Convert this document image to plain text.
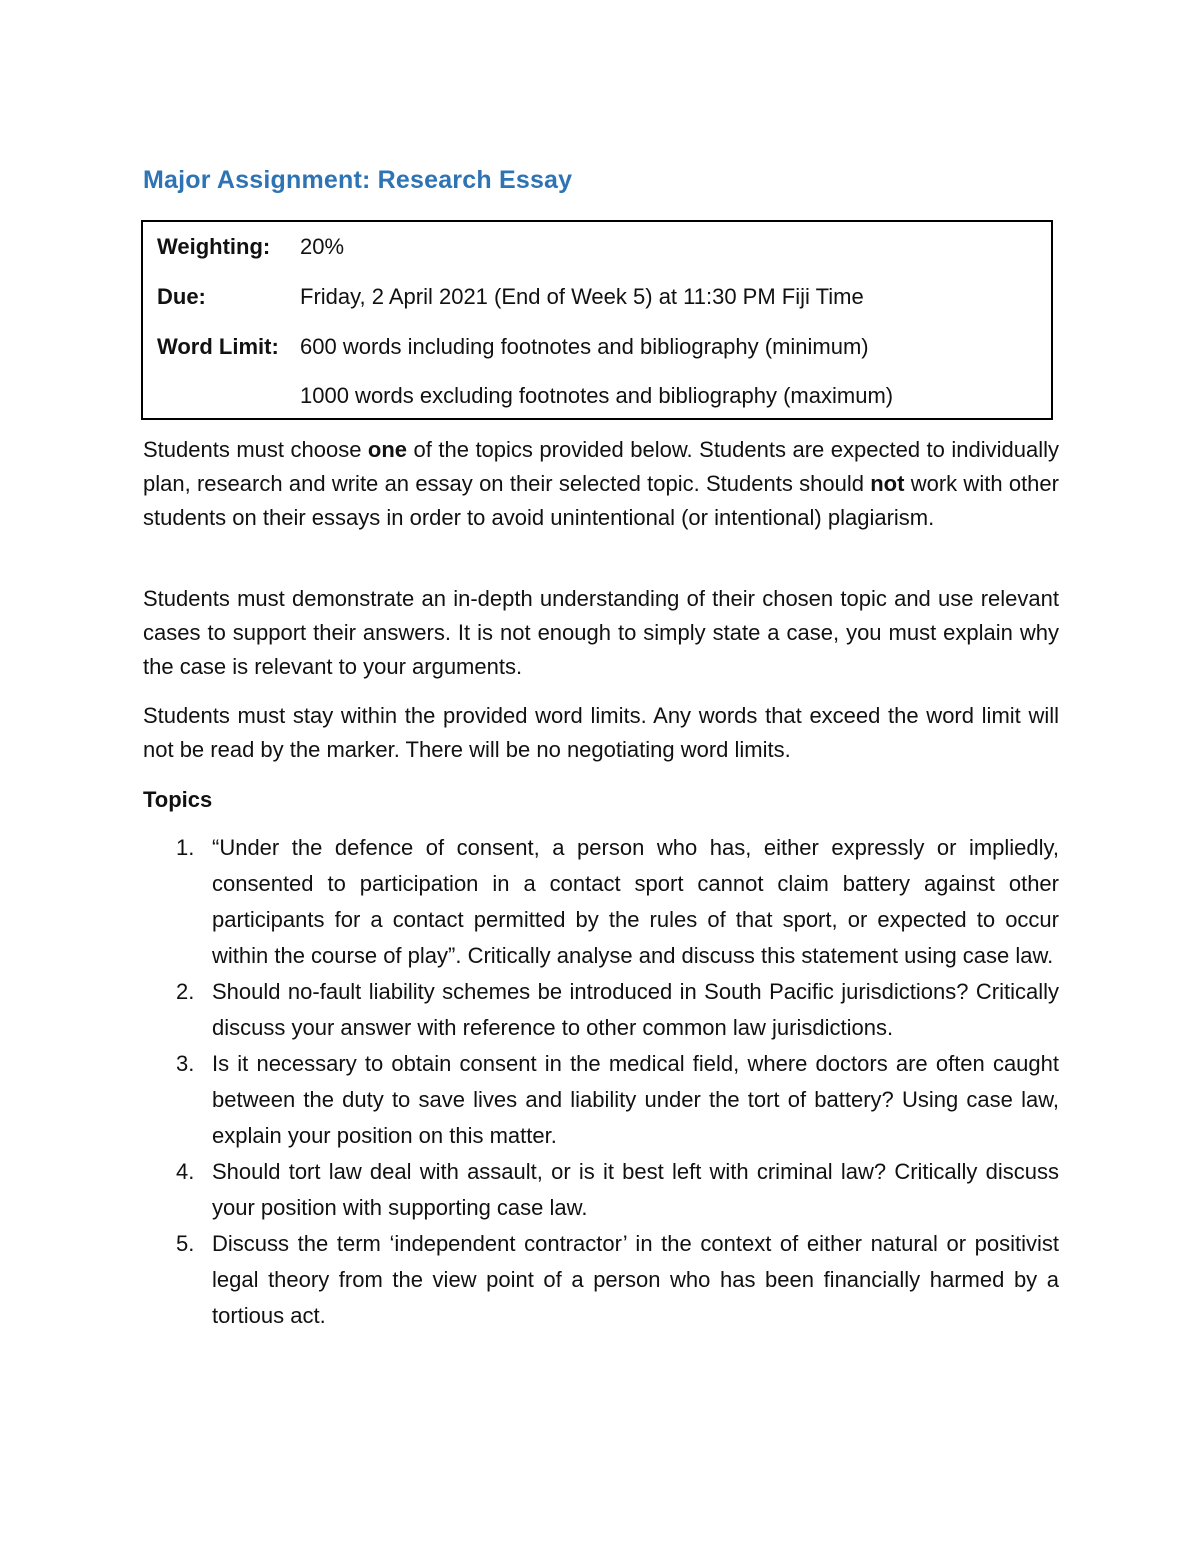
Major Assignment: Research Essay
Weighting: 20%
Due:	Friday, 2 April 2021 (End of Week 5) at 11:30 PM Fiji Time
Word Limit: 600 words including footnotes and bibliography (minimum)
1000 words excluding footnotes and bibliography (maximum)

Students must choose one of the topics provided below. Students are expected to individually plan, research and write an essay on their selected topic. Students should not work with other students on their essays in order to avoid unintentional (or intentional) plagiarism.

Students must demonstrate an in-depth understanding of their chosen topic and use relevant cases to support their answers. It is not enough to simply state a case, you must explain why the case is relevant to your arguments.

Students must stay within the provided word limits. Any words that exceed the word limit will not be read by the marker. There will be no negotiating word limits.

Topics
1. “Under the defence of consent, a person who has, either expressly or impliedly, consented to participation in a contact sport cannot claim battery against other participants for a contact permitted by the rules of that sport, or expected to occur within the course of play”. Critically analyse and discuss this statement using case law.
2. Should no-fault liability schemes be introduced in South Pacific jurisdictions? Critically discuss your answer with reference to other common law jurisdictions.
3. Is it necessary to obtain consent in the medical field, where doctors are often caught between the duty to save lives and liability under the tort of battery? Using case law, explain your position on this matter.
4. Should tort law deal with assault, or is it best left with criminal law? Critically discuss your position with supporting case law.
5. Discuss the term ‘independent contractor’ in the context of either natural or positivist legal theory from the view point of a person who has been financially harmed by a tortious act.
